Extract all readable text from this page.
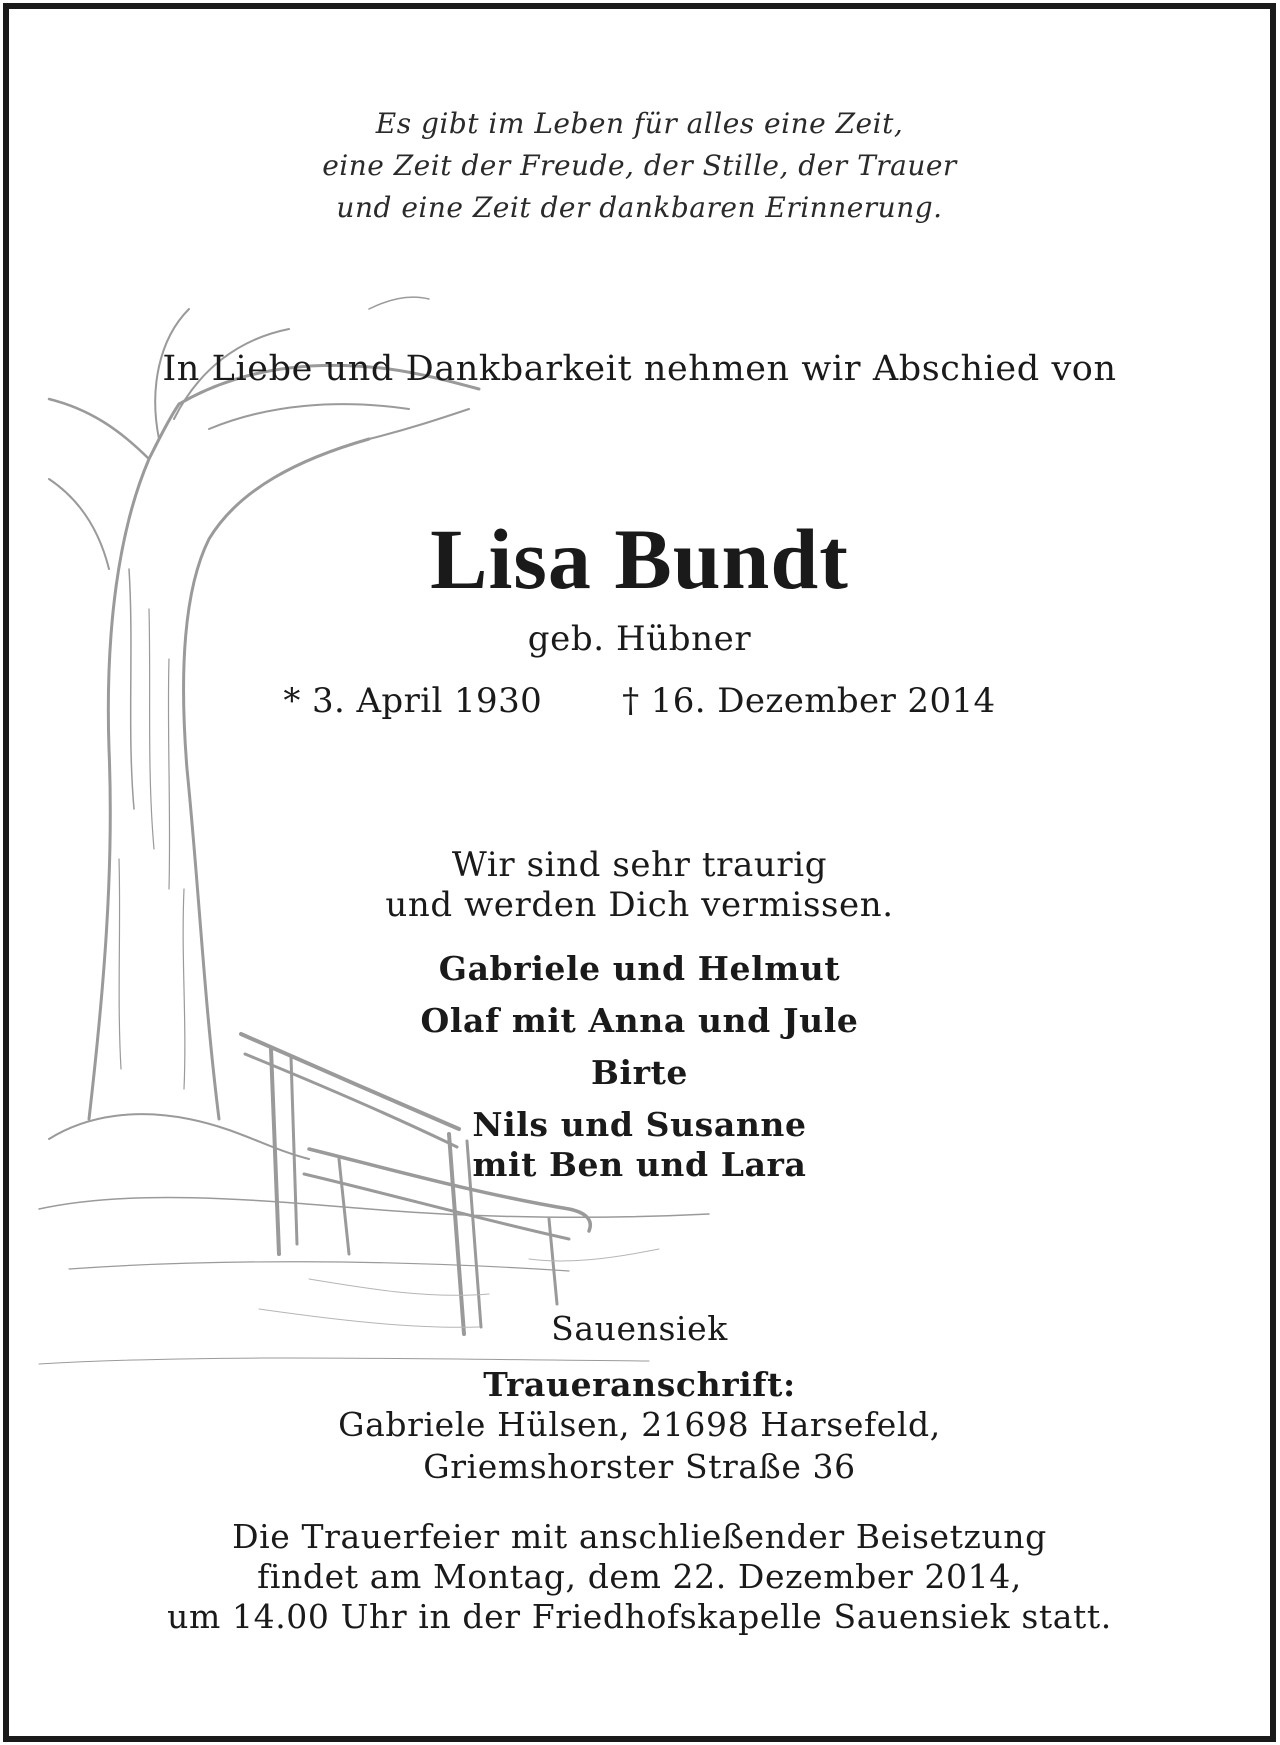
Es gibt im Leben für alles eine Zeit,
eine Zeit der Freude, der Stille, der Trauer
und eine Zeit der dankbaren Erinnerung.
In Liebe und Dankbarkeit nehmen wir Abschied von
Lisa Bundt
geb. Hübner
* 3. April 1930 † 16. Dezember 2014
Wir sind sehr traurig
und werden Dich vermissen.
Gabriele und Helmut
Olaf mit Anna und Jule
Birte
Nils und Susanne
mit Ben und Lara
Sauensiek
Traueranschrift:
Gabriele Hülsen, 21698 Harsefeld,
Griemshorster Straße 36
Die Trauerfeier mit anschließender Beisetzung
findet am Montag, dem 22. Dezember 2014,
um 14.00 Uhr in der Friedhofskapelle Sauensiek statt.
